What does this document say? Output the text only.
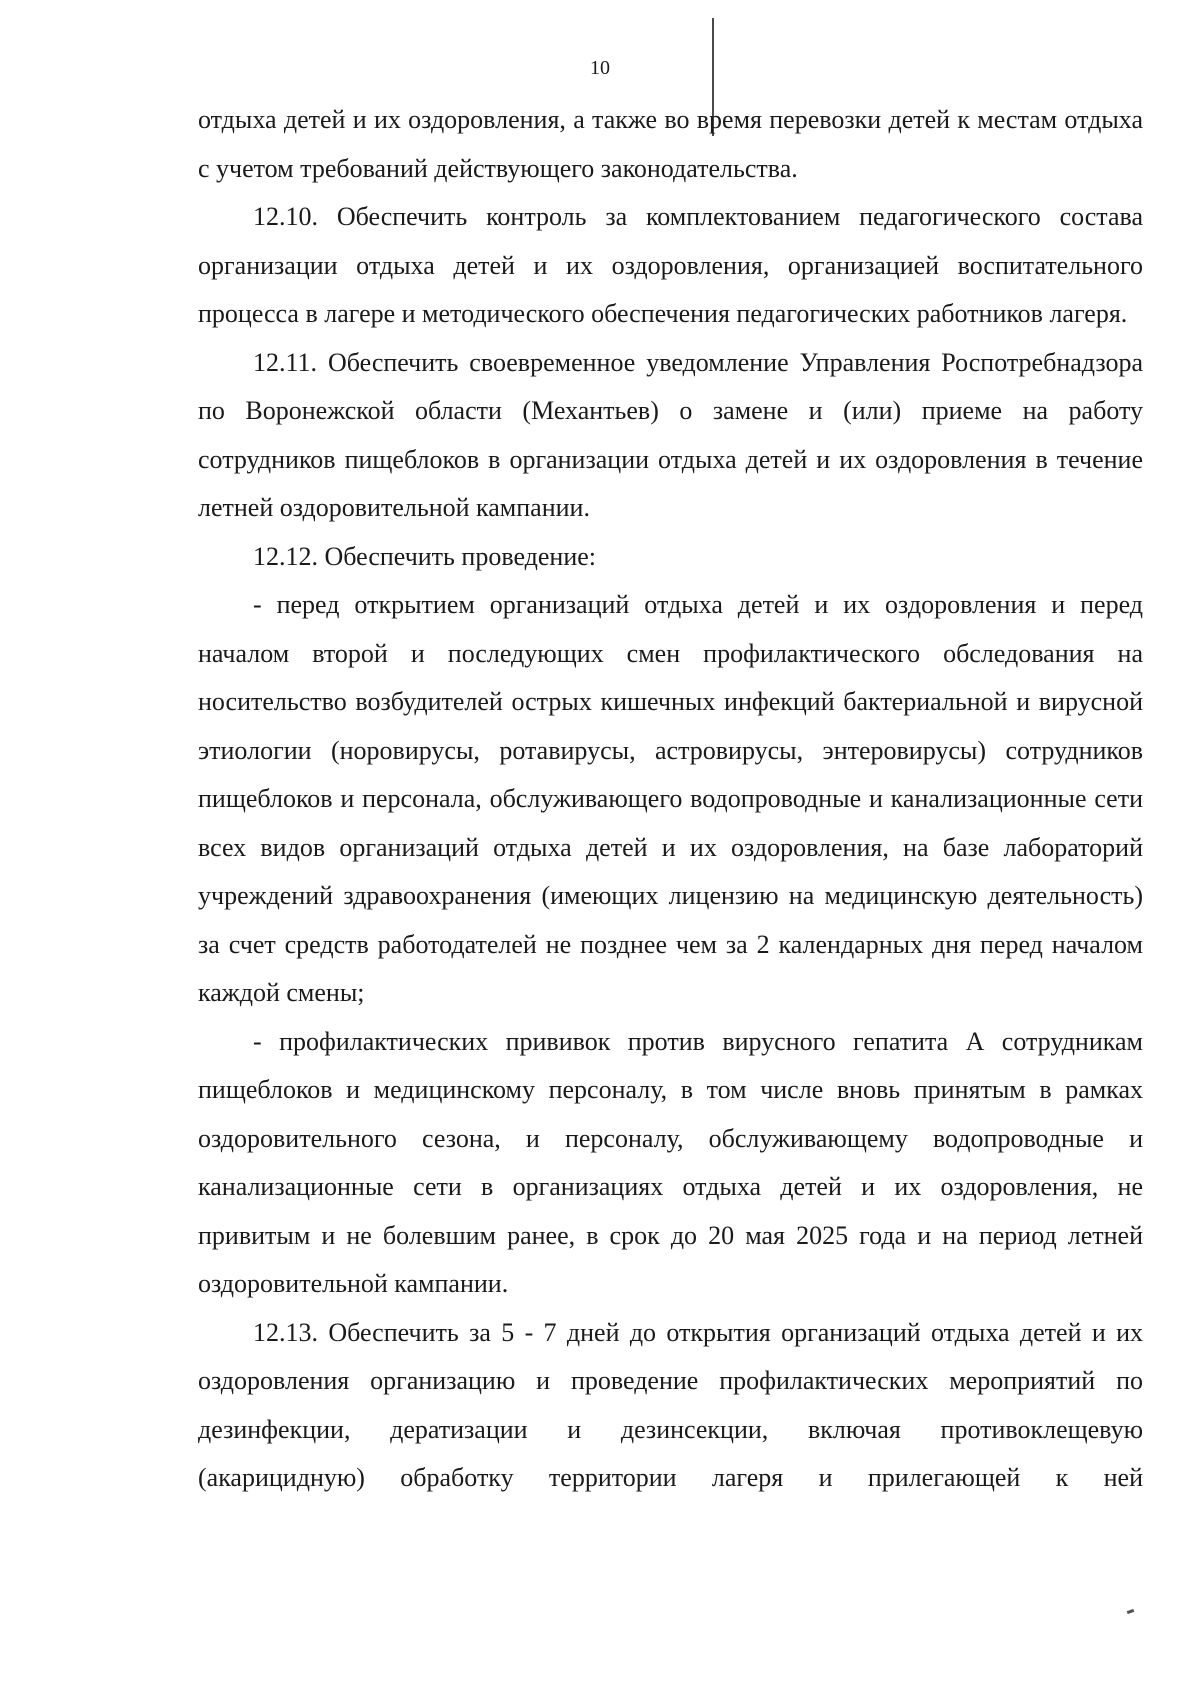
10

отдыха детей и их оздоровления, а также во время перевозки детей к местам отдыха с учетом требований действующего законодательства.

12.10. Обеспечить контроль за комплектованием педагогического состава организации отдыха детей и их оздоровления, организацией воспитательного процесса в лагере и методического обеспечения педагогических работников лагеря.

12.11. Обеспечить своевременное уведомление Управления Роспотребнадзора по Воронежской области (Механтьев) о замене и (или) приеме на работу сотрудников пищеблоков в организации отдыха детей и их оздоровления в течение летней оздоровительной кампании.

12.12. Обеспечить проведение:

- перед открытием организаций отдыха детей и их оздоровления и перед началом второй и последующих смен профилактического обследования на носительство возбудителей острых кишечных инфекций бактериальной и вирусной этиологии (норовирусы, ротавирусы, астровирусы, энтеровирусы) сотрудников пищеблоков и персонала, обслуживающего водопроводные и канализационные сети всех видов организаций отдыха детей и их оздоровления, на базе лабораторий учреждений здравоохранения (имеющих лицензию на медицинскую деятельность) за счет средств работодателей не позднее чем за 2 календарных дня перед началом каждой смены;

- профилактических прививок против вирусного гепатита А сотрудникам пищеблоков и медицинскому персоналу, в том числе вновь принятым в рамках оздоровительного сезона, и персоналу, обслуживающему водопроводные и канализационные сети в организациях отдыха детей и их оздоровления, не привитым и не болевшим ранее, в срок до 20 мая 2025 года и на период летней оздоровительной кампании.

12.13. Обеспечить за 5 - 7 дней до открытия организаций отдыха детей и их оздоровления организацию и проведение профилактических мероприятий по дезинфекции, дератизации и дезинсекции, включая противоклещевую (акарицидную) обработку территории лагеря и прилегающей к ней
